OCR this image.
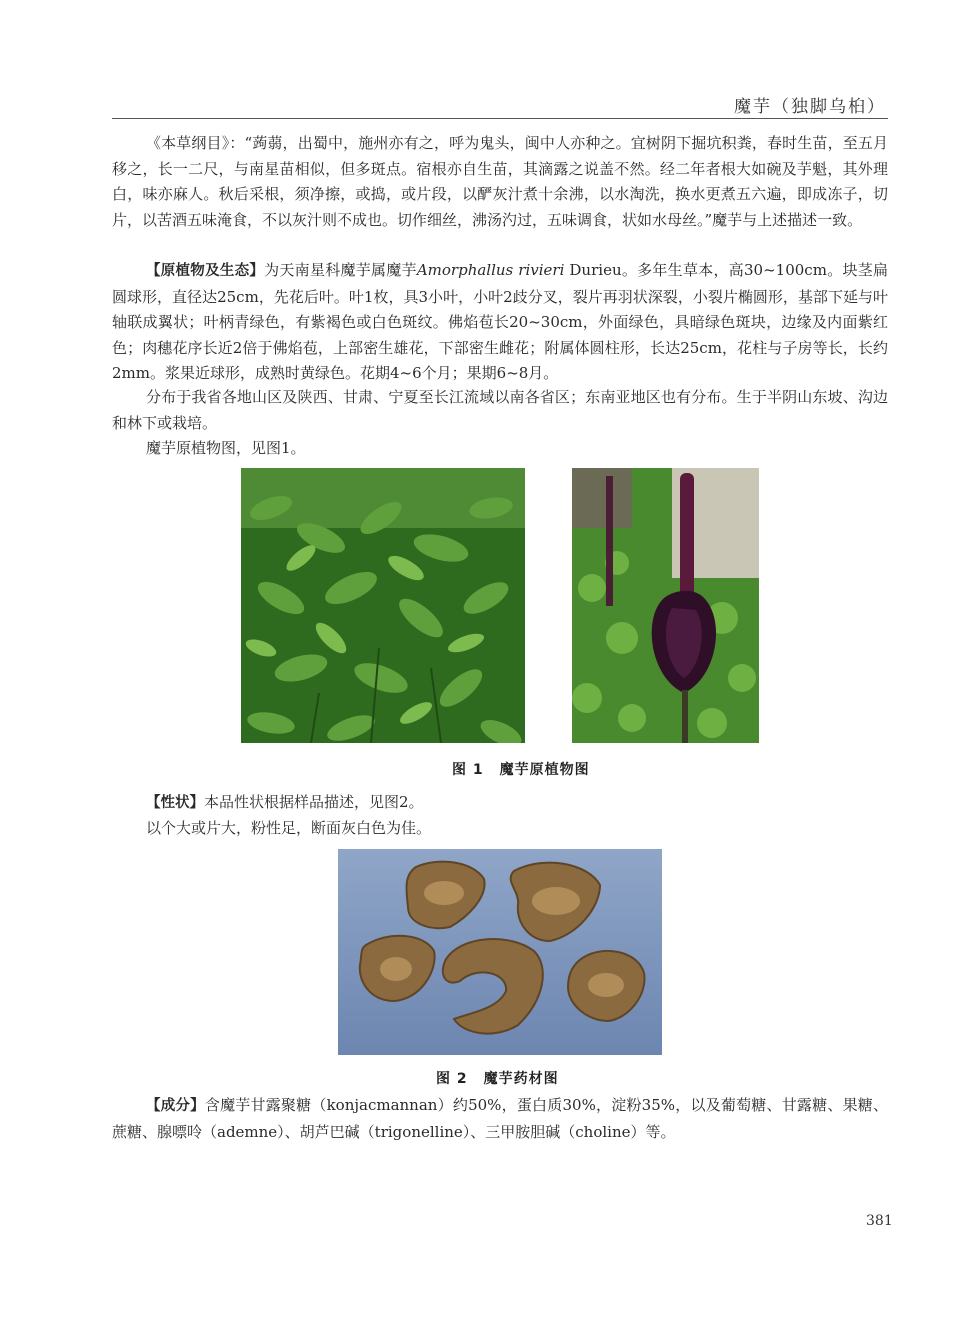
魔芋（独脚乌桕）

《本草纲目》：“蒟蒻，出蜀中，施州亦有之，呼为鬼头，闽中人亦种之。宜树阴下掘坑积粪，春时生苗，至五月移之，长一二尺，与南星苗相似，但多斑点。宿根亦自生苗，其滴露之说盖不然。经二年者根大如碗及芋魁，其外理白，味亦麻人。秋后采根，须净擦，或捣，或片段，以酽灰汁煮十余沸，以水淘洗，换水更煮五六遍，即成冻子，切片，以苦酒五味淹食，不以灰汁则不成也。切作细丝，沸汤汋过，五味调食，状如水母丝。”魔芋与上述描述一致。

【原植物及生态】为天南星科魔芋属魔芋Amorphallus rivieri Durieu。多年生草本，高30~100cm。块茎扁圆球形，直径达25cm，先花后叶。叶1枚，具3小叶，小叶2歧分叉，裂片再羽状深裂，小裂片椭圆形，基部下延与叶轴联成翼状；叶柄青绿色，有紫褐色或白色斑纹。佛焰苞长20~30cm，外面绿色，具暗绿色斑块，边缘及内面紫红色；肉穗花序长近2倍于佛焰苞，上部密生雄花，下部密生雌花；附属体圆柱形，长达25cm，花柱与子房等长，长约2mm。浆果近球形，成熟时黄绿色。花期4~6个月；果期6~8月。

分布于我省各地山区及陕西、甘肃、宁夏至长江流域以南各省区；东南亚地区也有分布。生于半阴山东坡、沟边和林下或栽培。

魔芋原植物图，见图1。

图 1 魔芋原植物图

【性状】本品性状根据样品描述，见图2。

以个大或片大，粉性足，断面灰白色为佳。

图 2 魔芋药材图

【成分】含魔芋甘露聚糖（konjacmannan）约50%，蛋白质30%，淀粉35%，以及葡萄糖、甘露糖、果糖、蔗糖、腺嘌呤（ademne）、胡芦巴碱（trigonelline）、三甲胺胆碱（choline）等。

381
